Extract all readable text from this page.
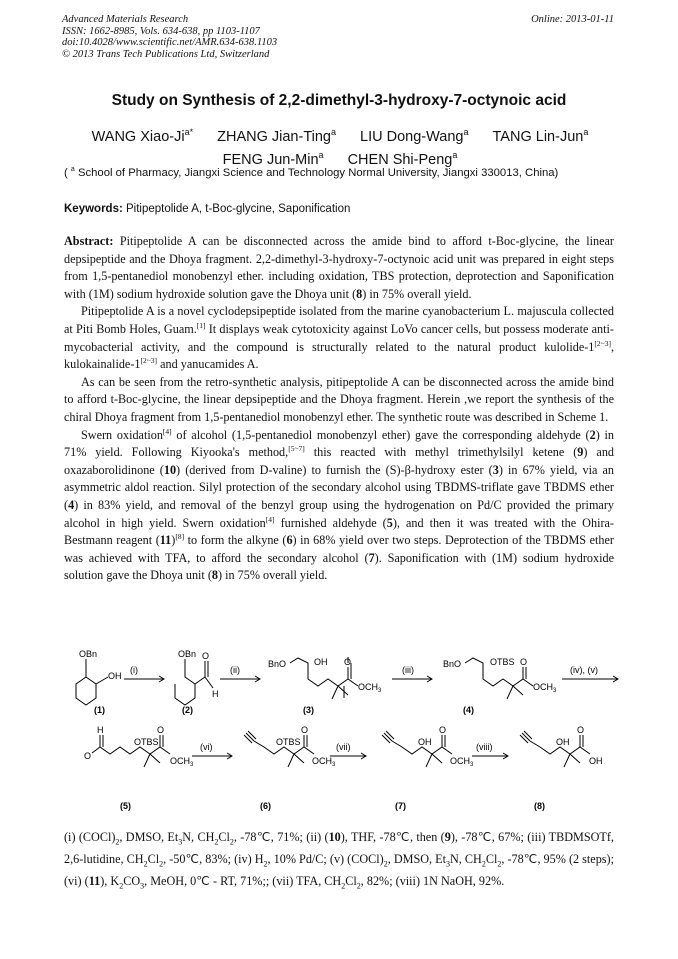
Advanced Materials Research
ISSN: 1662-8985, Vols. 634-638, pp 1103-1107
doi:10.4028/www.scientific.net/AMR.634-638.1103
© 2013 Trans Tech Publications Ltd, Switzerland
Online: 2013-01-11
Study on Synthesis of 2,2-dimethyl-3-hydroxy-7-octynoic acid
WANG Xiao-$Ji^{a*}$ ZHANG Jian-Ting$^a$ LIU Dong-Wang$^a$ TANG Lin-Jun$^a$
FENG Jun-Min$^a$ CHEN Shi-Peng$^a$
( $^a$ School of Pharmacy, Jiangxi Science and Technology Normal University, Jiangxi 330013, China)
Keywords: Pitipeptolide A, t-Boc-glycine, Saponification

Abstract: Pitipeptolide A can be disconnected across the amide bind to afford t-Boc-glycine, the linear depsipeptide and the Dhoya fragment. 2,2-dimethyl-3-hydroxy-7-octynoic acid unit was prepared in eight steps from 1,5-pentanediol monobenzyl ether. including oxidation, TBS protection, deprotection and Saponification with (1M) sodium hydroxide solution gave the Dhoya unit (8) in 75% overall yield.

Pitipeptolide A is a novel cyclodepsipeptide isolated from the marine cyanobacterium L. majuscula collected at Piti Bomb Holes, Guam.[1] It displays weak cytotoxicity against LoVo cancer cells, but possess moderate anti-mycobacterial activity, and the compound is structurally related to the natural product kulolide-1[2~3], kulokainalide-1[2~3] and yanucamides A.

As can be seen from the retro-synthetic analysis, pitipeptolide A can be disconnected across the amide bind to afford t-Boc-glycine, the linear depsipeptide and the Dhoya fragment. Herein ,we report the synthesis of the chiral Dhoya fragment from 1,5-pentanediol monobenzyl ether. The synthetic route was described in Scheme 1.

Swern oxidation[4] of alcohol (1,5-pentanediol monobenzyl ether) gave the corresponding aldehyde (2) in 71% yield. Following Kiyooka's method,[5~7] this reacted with methyl trimethylsilyl ketene (9) and oxazaborolidinone (10) (derived from D-valine) to furnish the (S)-β-hydroxy ester (3) in 67% yield, via an asymmetric aldol reaction. Silyl protection of the secondary alcohol using TBDMS-triflate gave TBDMS ether (4) in 83% yield, and removal of the benzyl group using the hydrogenation on Pd/C provided the primary alcohol in high yield. Swern oxidation[4] furnished aldehyde (5), and then it was treated with the Ohira-Bestmann reagent (11)[8] to form the alkyne (6) in 68% yield over two steps. Deprotection of the TBDMS ether was achieved with TFA, to afford the secondary alcohol (7). Saponification with (1M) sodium hydroxide solution gave the Dhoya unit (8) in 75% overall yield.

OBn
OH
(i)
OBn O
H
(ii)
BnO	OH O
$OCH_3$
(iii)
BnO	OTBS O
$OCH_3$
(iv), (v)
H
O
OTBS
O
$OCH_3$
(vi)	OTBS
O
$OCH_3$
(vii)	OH
O
$OCH_3$
(viii)	OH
O
OH
(1)	(2)	(3)	(4)
(5)	(6)	(7)	(8)
(i) $(COCl)_2$, DMSO, $Et_3N$, $CH_2Cl_2$, -78℃, 71%; (ii) (10), THF, -78℃, then (9), -78℃, 67%; (iii) TBDMSOTf, 2,6-lutidine, $CH_2Cl_2$, -50℃, 83%; (iv) $H_2$, 10% Pd/C; (v) $(COCl)_2$, DMSO, $Et_3N$, $CH_2Cl_2$, -78℃, 95% (2 steps); (vi) (11), $K_2CO_3$, MeOH, 0℃ - RT, 71%;; (vii) TFA, $CH_2Cl_2$, 82%; (viii) 1N NaOH, 92%.
